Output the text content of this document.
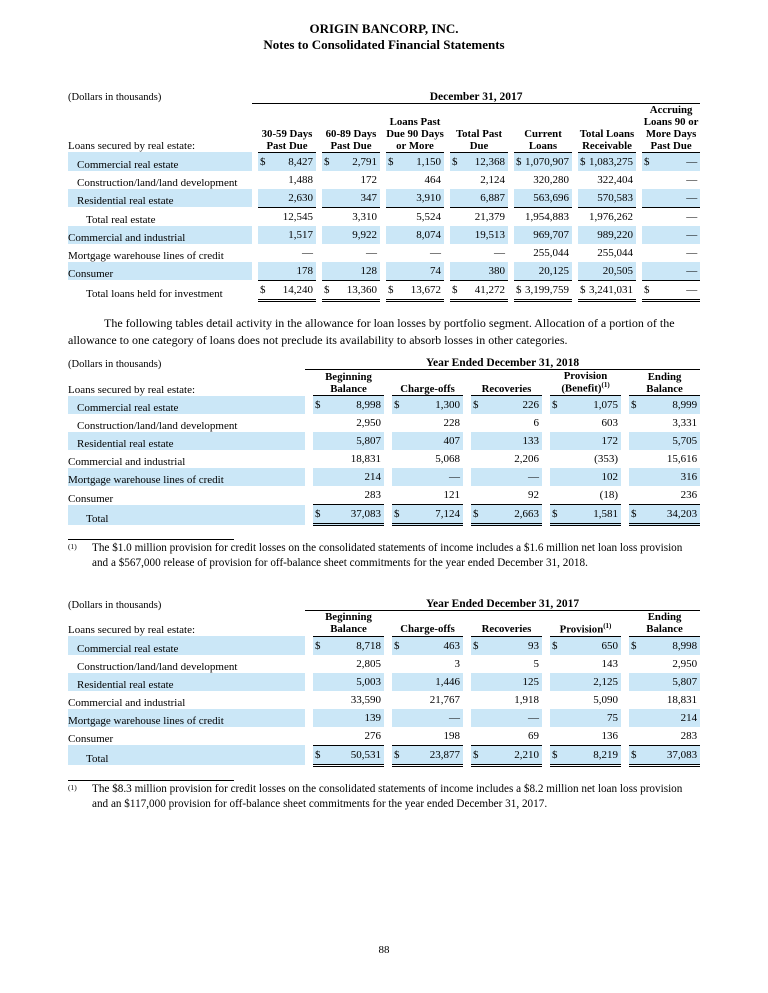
ORIGIN BANCORP, INC.
Notes to Consolidated Financial Statements
(Dollars in thousands)	December 31, 2017													
Loans secured by real estate:		30-59 Days Past Due		60-89 Days Past Due		Loans Past Due 90 Days or More		Total Past Due		Current Loans		Total Loans Receivable		Accruing Loans 90 or More Days Past Due
Commercial real estate		$ 8,427		$ 2,791		$ 1,150		$ 12,368		$ 1,070,907		$ 1,083,275		$ —

Construction/land/land development		1,488		172		464		2,124		320,280		322,404		—

Residential real estate		2,630		347		3,910		6,887		563,696		570,583		—

Total real estate		12,545		3,310		5,524		21,379		1,954,883		1,976,262		—

Commercial and industrial		1,517		9,922		8,074		19,513		969,707		989,220		—

Mortgage warehouse lines of credit		—		—		—		—		255,044		255,044		—

Consumer		178		128		74		380		20,125		20,505		—

Total loans held for investment		$ 14,240		$ 13,360		$ 13,672		$ 41,272		$ 3,199,759		$ 3,241,031		$ —
The following tables detail activity in the allowance for loan losses by portfolio segment. Allocation of a portion of the allowance to one category of loans does not preclude its availability to absorb losses in other categories.
(Dollars in thousands)	Year Ended December 31, 2018									
Loans secured by real estate:		Beginning Balance		Charge-offs		Recoveries		Provision (Benefit)$^{(1)}$		Ending Balance
Commercial real estate		$ 8,998		$ 1,300		$ 226		$ 1,075		$ 8,999

Construction/land/land development		2,950		228		6		603		3,331

Residential real estate		5,807		407		133		172		5,705

Commercial and industrial		18,831		5,068		2,206		(353)		15,616

Mortgage warehouse lines of credit		214		—		—		102		316

Consumer		283		121		92		(18)		236

Total		$ 37,083		$ 7,124		$ 2,663		$ 1,581		$ 34,203
(1)	The $1.0 million provision for credit losses on the consolidated statements of income includes a $1.6 million net loan loss provision and a $567,000 release of provision for off-balance sheet commitments for the year ended December 31, 2018.
(Dollars in thousands)	Year Ended December 31, 2017									
Loans secured by real estate:		Beginning Balance		Charge-offs		Recoveries		Provision$^{(1)}$		Ending Balance
Commercial real estate		$ 8,718		$ 463		$ 93		$ 650		$ 8,998

Construction/land/land development		2,805		3		5		143		2,950

Residential real estate		5,003		1,446		125		2,125		5,807

Commercial and industrial		33,590		21,767		1,918		5,090		18,831

Mortgage warehouse lines of credit		139		—		—		75		214

Consumer		276		198		69		136		283

Total		$ 50,531		$ 23,877		$ 2,210		$ 8,219		$ 37,083
(1)	The $8.3 million provision for credit losses on the consolidated statements of income includes a $8.2 million net loan loss provision and an $117,000 provision for off-balance sheet commitments for the year ended December 31, 2017.
88
